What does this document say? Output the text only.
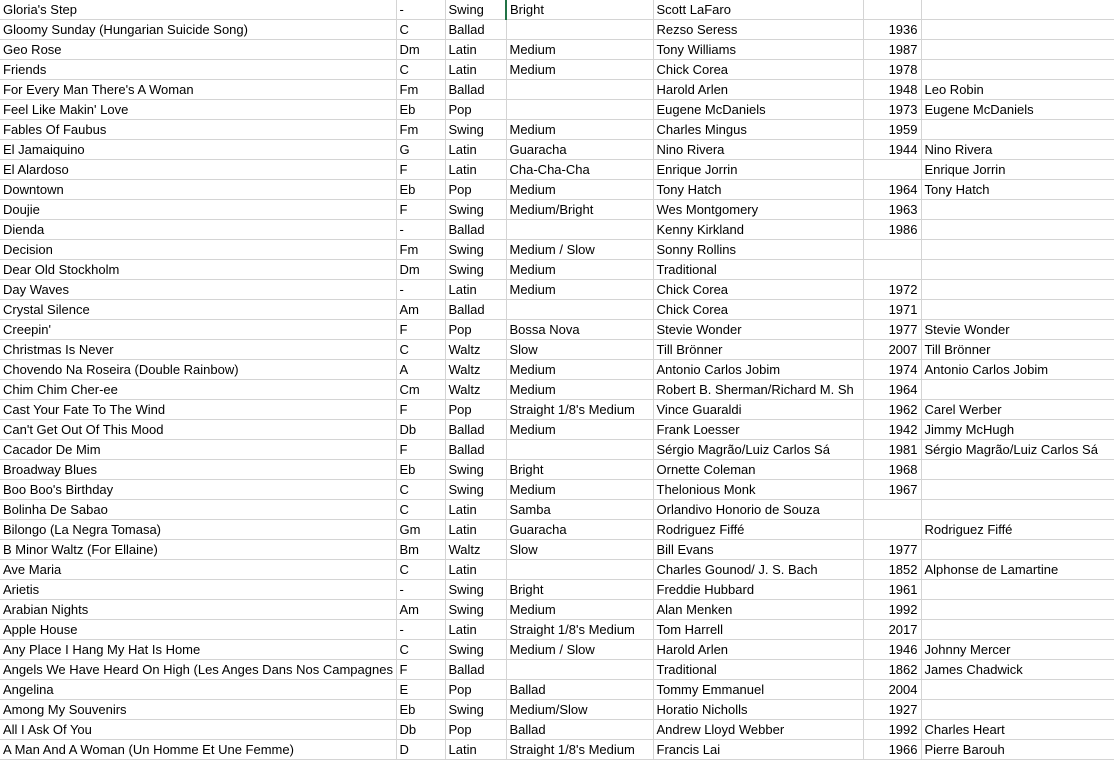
Gloria's Step	-	Swing	Bright	Scott LaFaro		
Gloomy Sunday (Hungarian Suicide Song)	C	Ballad		Rezso Seress	1936	
Geo Rose	Dm	Latin	Medium	Tony Williams	1987	
Friends	C	Latin	Medium	Chick Corea	1978	
For Every Man There's A Woman	Fm	Ballad		Harold Arlen	1948	Leo Robin
Feel Like Makin' Love	Eb	Pop		Eugene McDaniels	1973	Eugene McDaniels
Fables Of Faubus	Fm	Swing	Medium	Charles Mingus	1959	
El Jamaiquino	G	Latin	Guaracha	Nino Rivera	1944	Nino Rivera
El Alardoso	F	Latin	Cha-Cha-Cha	Enrique Jorrin		Enrique Jorrin
Downtown	Eb	Pop	Medium	Tony Hatch	1964	Tony Hatch
Doujie	F	Swing	Medium/Bright	Wes Montgomery	1963	
Dienda	-	Ballad		Kenny Kirkland	1986	
Decision	Fm	Swing	Medium / Slow	Sonny Rollins		
Dear Old Stockholm	Dm	Swing	Medium	Traditional		
Day Waves	-	Latin	Medium	Chick Corea	1972	
Crystal Silence	Am	Ballad		Chick Corea	1971	
Creepin'	F	Pop	Bossa Nova	Stevie Wonder	1977	Stevie Wonder
Christmas Is Never	C	Waltz	Slow	Till Brönner	2007	Till Brönner
Chovendo Na Roseira (Double Rainbow)	A	Waltz	Medium	Antonio Carlos Jobim	1974	Antonio Carlos Jobim
Chim Chim Cher-ee	Cm	Waltz	Medium	Robert B. Sherman/Richard M. Sh	1964	
Cast Your Fate To The Wind	F	Pop	Straight 1/8's Medium	Vince Guaraldi	1962	Carel Werber
Can't Get Out Of This Mood	Db	Ballad	Medium	Frank Loesser	1942	Jimmy McHugh
Cacador De Mim	F	Ballad		Sérgio Magrão/Luiz Carlos Sá	1981	Sérgio Magrão/Luiz Carlos Sá
Broadway Blues	Eb	Swing	Bright	Ornette Coleman	1968	
Boo Boo's Birthday	C	Swing	Medium	Thelonious Monk	1967	
Bolinha De Sabao	C	Latin	Samba	Orlandivo Honorio de Souza		
Bilongo (La Negra Tomasa)	Gm	Latin	Guaracha	Rodriguez Fiffé		Rodriguez Fiffé
B Minor Waltz (For Ellaine)	Bm	Waltz	Slow	Bill Evans	1977	
Ave Maria	C	Latin		Charles Gounod/ J. S. Bach	1852	Alphonse de Lamartine
Arietis	-	Swing	Bright	Freddie Hubbard	1961	
Arabian Nights	Am	Swing	Medium	Alan Menken	1992	
Apple House	-	Latin	Straight 1/8's Medium	Tom Harrell	2017	
Any Place I Hang My Hat Is Home	C	Swing	Medium / Slow	Harold Arlen	1946	Johnny Mercer
Angels We Have Heard On High (Les Anges Dans Nos Campagnes	F	Ballad		Traditional	1862	James Chadwick
Angelina	E	Pop	Ballad	Tommy Emmanuel	2004	
Among My Souvenirs	Eb	Swing	Medium/Slow	Horatio Nicholls	1927	
All I Ask Of You	Db	Pop	Ballad	Andrew Lloyd Webber	1992	Charles Heart
A Man And A Woman (Un Homme Et Une Femme)	D	Latin	Straight 1/8's Medium	Francis Lai	1966	Pierre Barouh
